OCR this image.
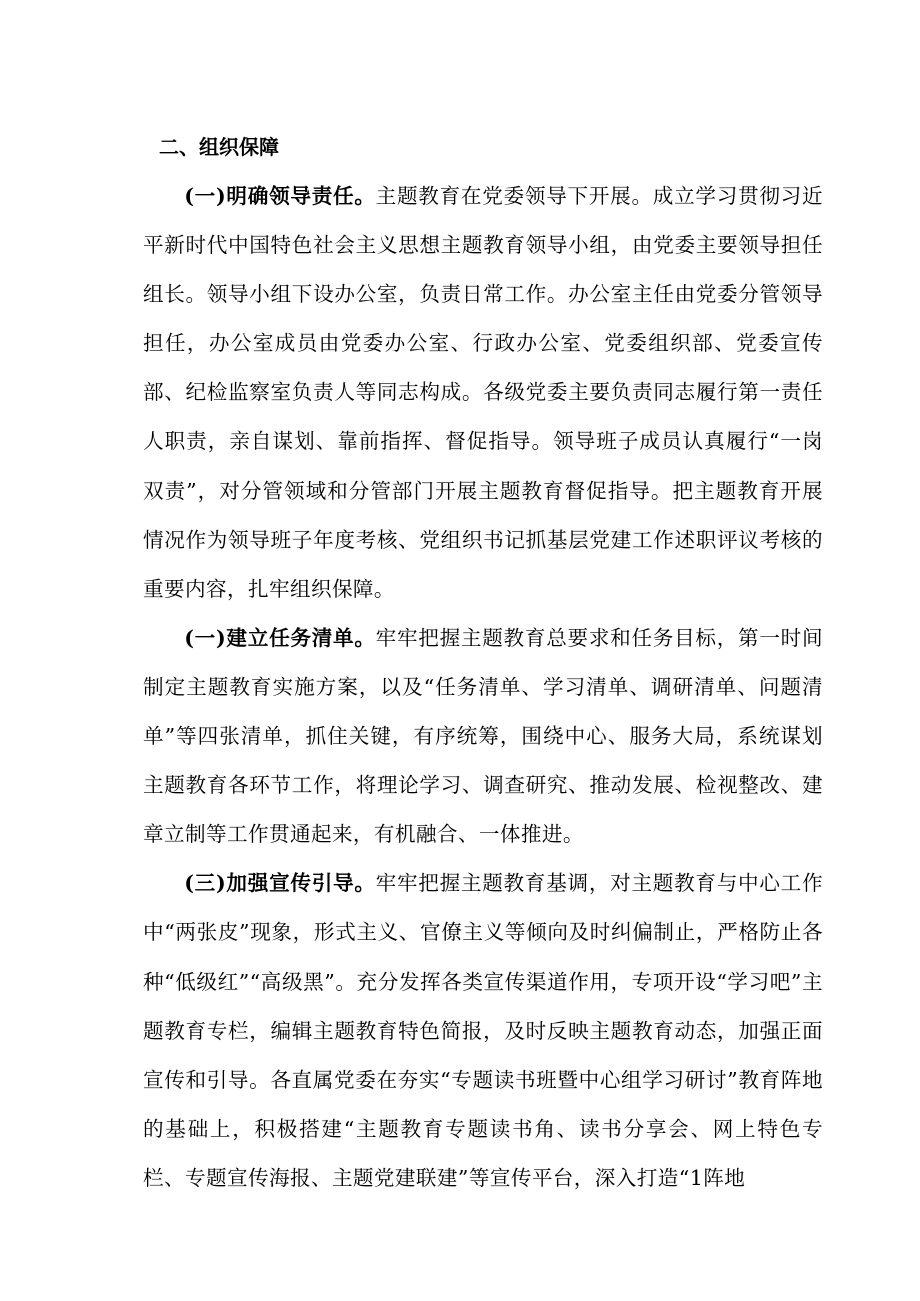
二、组织保障

(一)明确领导责任。主题教育在党委领导下开展。成立学习贯彻习近平新时代中国特色社会主义思想主题教育领导小组，由党委主要领导担任组长。领导小组下设办公室，负责日常工作。办公室主任由党委分管领导担任，办公室成员由党委办公室、行政办公室、党委组织部、党委宣传部、纪检监察室负责人等同志构成。各级党委主要负责同志履行第一责任人职责，亲自谋划、靠前指挥、督促指导。领导班子成员认真履行“一岗双责”，对分管领域和分管部门开展主题教育督促指导。把主题教育开展情况作为领导班子年度考核、党组织书记抓基层党建工作述职评议考核的重要内容，扎牢组织保障。

(一)建立任务清单。牢牢把握主题教育总要求和任务目标，第一时间制定主题教育实施方案，以及“任务清单、学习清单、调研清单、问题清单”等四张清单，抓住关键，有序统筹，围绕中心、服务大局，系统谋划主题教育各环节工作，将理论学习、调查研究、推动发展、检视整改、建章立制等工作贯通起来，有机融合、一体推进。

(三)加强宣传引导。牢牢把握主题教育基调，对主题教育与中心工作中“两张皮”现象，形式主义、官僚主义等倾向及时纠偏制止，严格防止各种“低级红”“高级黑”。充分发挥各类宣传渠道作用，专项开设“学习吧”主题教育专栏，编辑主题教育特色简报，及时反映主题教育动态，加强正面宣传和引导。各直属党委在夯实“专题读书班暨中心组学习研讨”教育阵地的基础上，积极搭建“主题教育专题读书角、读书分享会、网上特色专栏、专题宣传海报、主题党建联建”等宣传平台，深入打造“1阵地
